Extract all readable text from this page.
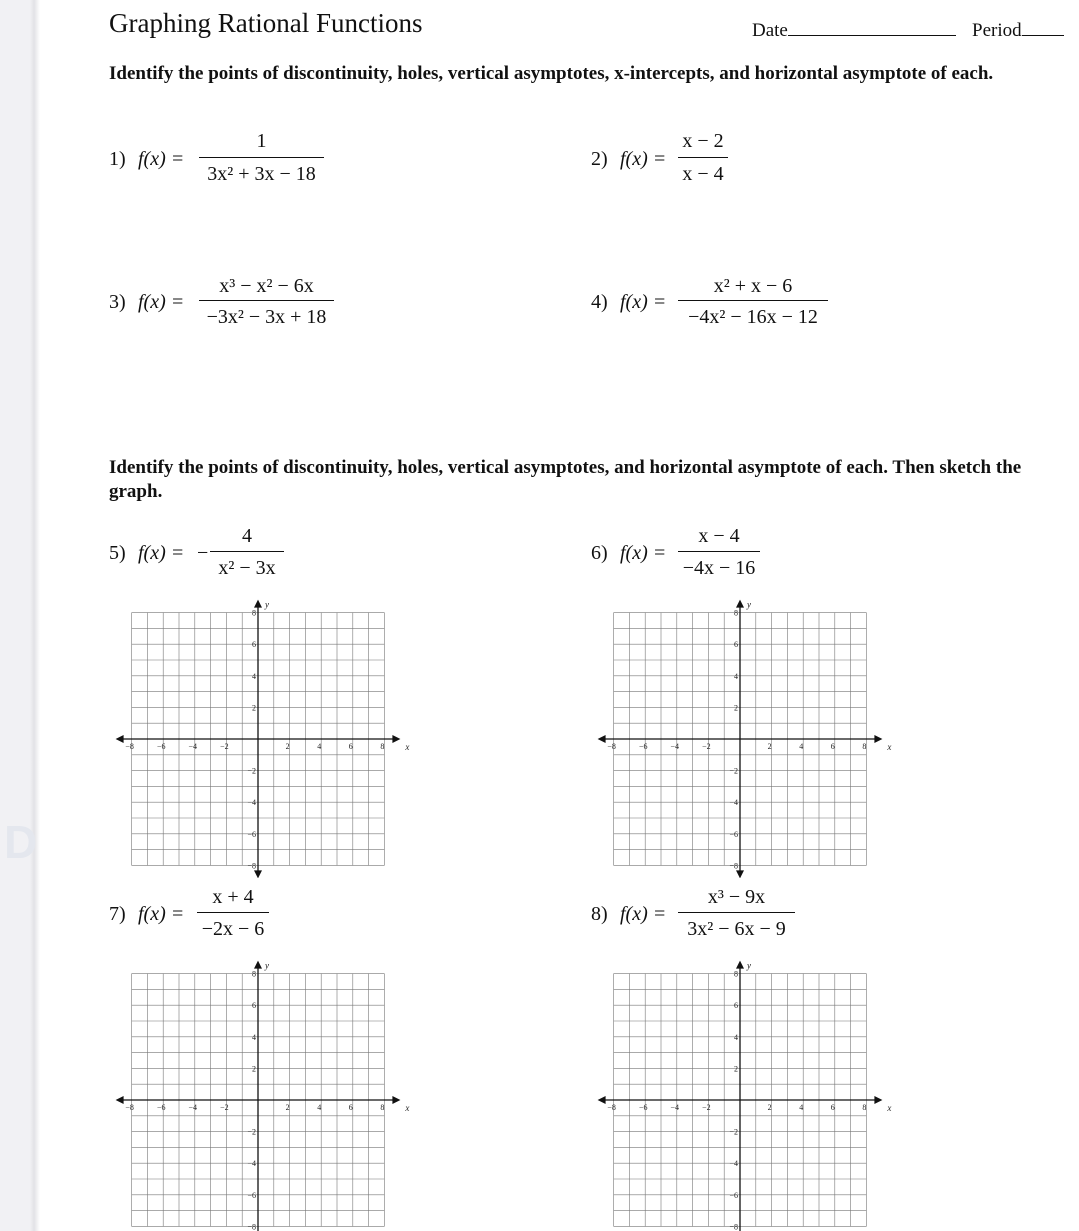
D
Graphing Rational Functions	Date	Period
Identify the points of discontinuity, holes, vertical asymptotes, x-intercepts, and horizontal asymptote of each.
1) f(x) =
1
3x² + 3x − 18
2) f(x) =
x − 2
x − 4
3) f(x) =
x³ − x² − 6x
−3x² − 3x + 18
4) f(x) =
x² + x − 6
−4x² − 16x − 12
Identify the points of discontinuity, holes, vertical asymptotes, and horizontal asymptote of each. Then sketch the graph.
5) f(x) = −
4
x² − 3x
6) f(x) =
x − 4
−4x − 16
7) f(x) =
x + 4
−2x − 6
8) f(x) =
x³ − 9x
3x² − 6x − 9
−8	−6	−4	−2	2	4	6	8
8
6
4
2
−2
−4
−6
−8
x
y
−8	−6	−4	−2	2	4	6	8
8
6
4
2
−2
−4
−6
−8
x
y
−8	−6	−4	−2	2	4	6	8
8
6
4
2
−2
−4
−6
−8
x
y
−8	−6	−4	−2	2	4	6	8
8
6
4
2
−2
−4
−6
−8
x
y
